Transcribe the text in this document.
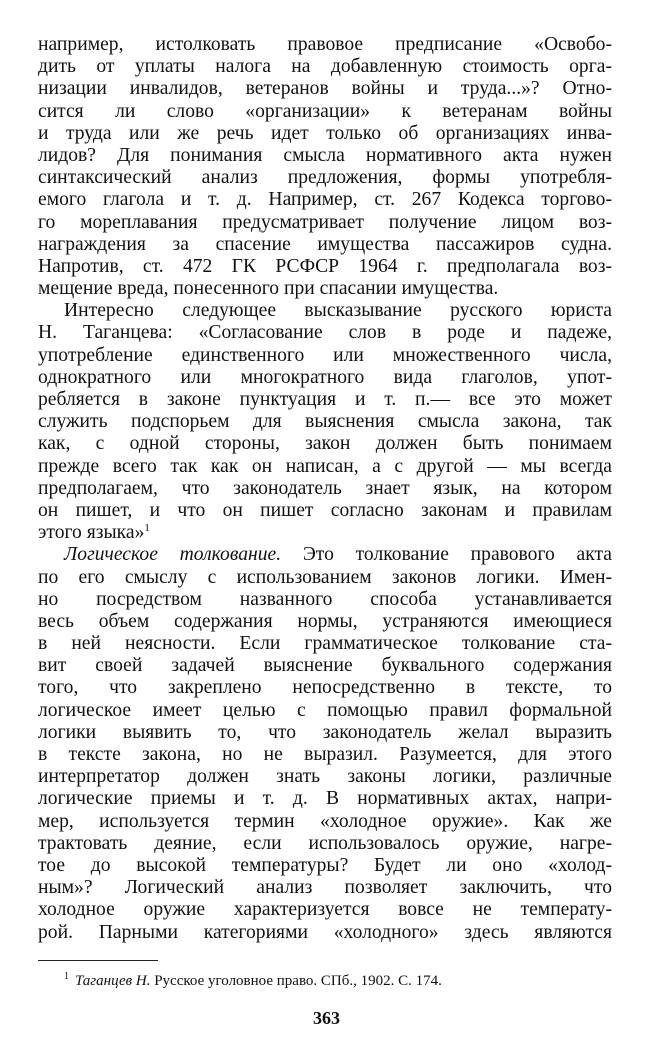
например, истолковать правовое предписание «Освобо-
дить от уплаты налога на добавленную стоимость орга-
низации инвалидов, ветеранов войны и труда...»? Отно-
сится ли слово «организации» к ветеранам войны
и труда или же речь идет только об организациях инва-
лидов? Для понимания смысла нормативного акта нужен
синтаксический анализ предложения, формы употребля-
емого глагола и т. д. Например, ст. 267 Кодекса торгово-
го мореплавания предусматривает получение лицом воз-
награждения за спасение имущества пассажиров судна.
Напротив, ст. 472 ГК РСФСР 1964 г. предполагала воз-
мещение вреда, понесенного при спасании имущества.
Интересно следующее высказывание русского юриста
Н. Таганцева: «Согласование слов в роде и падеже,
употребление единственного или множественного числа,
однократного или многократного вида глаголов, упот-
ребляется в законе пунктуация и т. п.— все это может
служить подспорьем для выяснения смысла закона, так
как, с одной стороны, закон должен быть понимаем
прежде всего так как он написан, а с другой — мы всегда
предполагаем, что законодатель знает язык, на котором
он пишет, и что он пишет согласно законам и правилам
этого языка»$^1$
Логическое толкование. Это толкование правового акта
по его смыслу с использованием законов логики. Имен-
но посредством названного способа устанавливается
весь объем содержания нормы, устраняются имеющиеся
в ней неясности. Если грамматическое толкование ста-
вит своей задачей выяснение буквального содержания
того, что закреплено непосредственно в тексте, то
логическое имеет целью с помощью правил формальной
логики выявить то, что законодатель желал выразить
в тексте закона, но не выразил. Разумеется, для этого
интерпретатор должен знать законы логики, различные
логические приемы и т. д. В нормативных актах, напри-
мер, используется термин «холодное оружие». Как же
трактовать деяние, если использовалось оружие, нагре-
тое до высокой температуры? Будет ли оно «холод-
ным»? Логический анализ позволяет заключить, что
холодное оружие характеризуется вовсе не температу-
рой. Парными категориями «холодного» здесь являются
$^1$ Таганцев Н. Русское уголовное право. СПб., 1902. С. 174.
363
